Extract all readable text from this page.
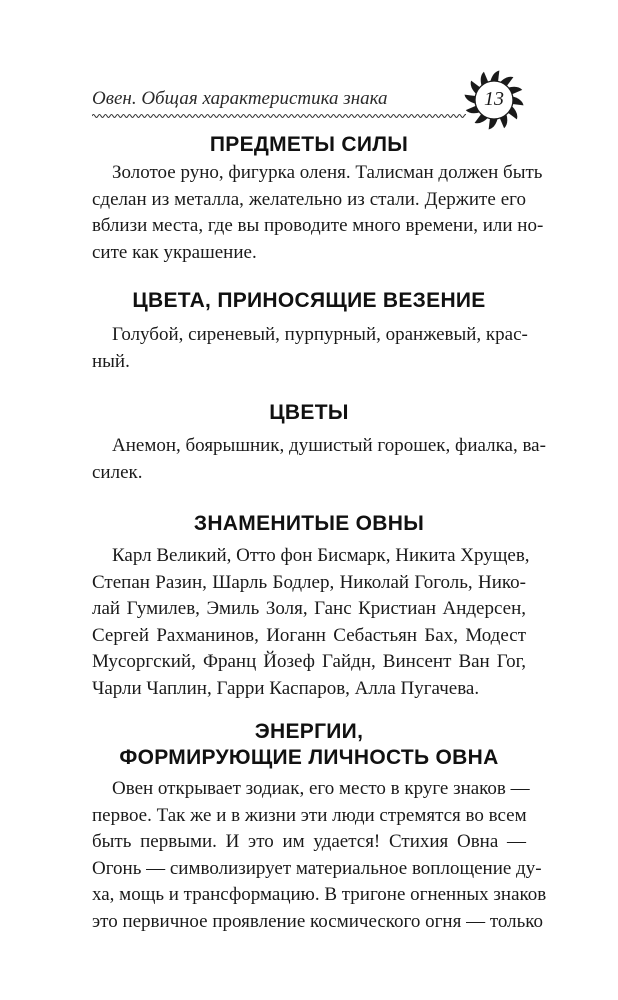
Овен. Общая характеристика знака	13
ПРЕДМЕТЫ СИЛЫ

Золотое руно, фигурка оленя. Талисман должен быть
сделан из металла, желательно из стали. Держите его
вблизи места, где вы проводите много времени, или но-
сите как украшение.

ЦВЕТА, ПРИНОСЯЩИЕ ВЕЗЕНИЕ

Голубой, сиреневый, пурпурный, оранжевый, крас-
ный.

ЦВЕТЫ

Анемон, боярышник, душистый горошек, фиалка, ва-
силек.

ЗНАМЕНИТЫЕ ОВНЫ

Карл Великий, Отто фон Бисмарк, Никита Хрущев,
Степан Разин, Шарль Бодлер, Николай Гоголь, Нико-
лай Гумилев, Эмиль Золя, Ганс Кристиан Андерсен,
Сергей Рахманинов, Иоганн Себастьян Бах, Модест
Мусоргский, Франц Йозеф Гайдн, Винсент Ван Гог,
Чарли Чаплин, Гарри Каспаров, Алла Пугачева.

ЭНЕРГИИ,
ФОРМИРУЮЩИЕ ЛИЧНОСТЬ ОВНА

Овен открывает зодиак, его место в круге знаков —
первое. Так же и в жизни эти люди стремятся во всем
быть первыми. И это им удается! Стихия Овна —
Огонь — символизирует материальное воплощение ду-
ха, мощь и трансформацию. В тригоне огненных знаков
это первичное проявление космического огня — только
